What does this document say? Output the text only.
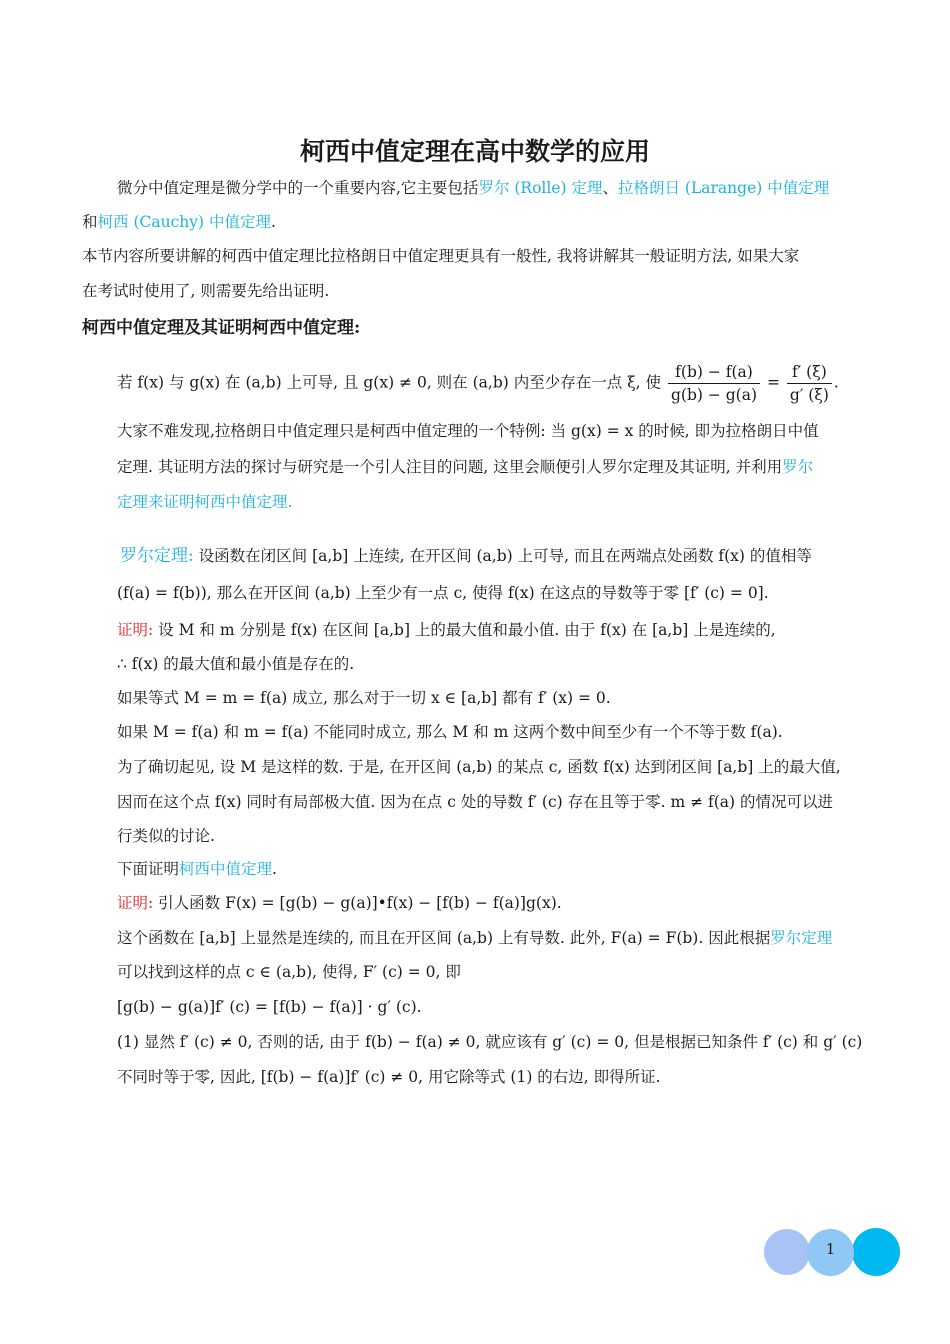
柯西中值定理在高中数学的应用
微分中值定理是微分学中的一个重要内容,它主要包括罗尔 (Rolle) 定理、拉格朗日 (Larange) 中值定理
和柯西 (Cauchy) 中值定理.
本节内容所要讲解的柯西中值定理比拉格朗日中值定理更具有一般性, 我将讲解其一般证明方法, 如果大家
在考试时使用了, 则需要先给出证明.
柯西中值定理及其证明柯西中值定理:
若 f(x) 与 g(x) 在 (a,b) 上可导, 且 g(x) ≠ 0, 则在 (a,b) 内至少存在一点 ξ, 使 $\frac{f(b) - f(a)}{g(b) - g(a)} = \frac{f' (\xi)}{g' (\xi)}$ .
大家不难发现,拉格朗日中值定理只是柯西中值定理的一个特例: 当 g(x) = x 的时候, 即为拉格朗日中值
定理. 其证明方法的探讨与研究是一个引人注目的问题, 这里会顺便引人罗尔定理及其证明, 并利用罗尔
定理来证明柯西中值定理.
罗尔定理: 设函数在闭区间 [a,b] 上连续, 在开区间 (a,b) 上可导, 而且在两端点处函数 f(x) 的值相等
(f(a) = f(b)), 那么在开区间 (a,b) 上至少有一点 c, 使得 f(x) 在这点的导数等于零 [f′ (c) = 0].
证明: 设 M 和 m 分别是 f(x) 在区间 [a,b] 上的最大值和最小值. 由于 f(x) 在 [a,b] 上是连续的,
∴ f(x) 的最大值和最小值是存在的.
如果等式 M = m = f(a) 成立, 那么对于一切 x ∈ [a,b] 都有 f′ (x) = 0.
如果 M = f(a) 和 m = f(a) 不能同时成立, 那么 M 和 m 这两个数中间至少有一个不等于数 f(a).
为了确切起见, 设 M 是这样的数. 于是, 在开区间 (a,b) 的某点 c, 函数 f(x) 达到闭区间 [a,b] 上的最大值,
因而在这个点 f(x) 同时有局部极大值. 因为在点 c 处的导数 f′ (c) 存在且等于零. m ≠ f(a) 的情况可以进
行类似的讨论.
下面证明柯西中值定理.
证明: 引人函数 F(x) = [g(b) − g(a)]•f(x) − [f(b) − f(a)]g(x).
这个函数在 [a,b] 上显然是连续的, 而且在开区间 (a,b) 上有导数. 此外, F(a) = F(b). 因此根据罗尔定理
可以找到这样的点 c ∈ (a,b), 使得, F′ (c) = 0, 即
[g(b) − g(a)]f′ (c) = [f(b) − f(a)] · g′ (c).
(1) 显然 f′ (c) ≠ 0, 否则的话, 由于 f(b) − f(a) ≠ 0, 就应该有 g′ (c) = 0, 但是根据已知条件 f′ (c) 和 g′ (c)
不同时等于零, 因此, [f(b) − f(a)]f′ (c) ≠ 0, 用它除等式 (1) 的右边, 即得所证.
1
